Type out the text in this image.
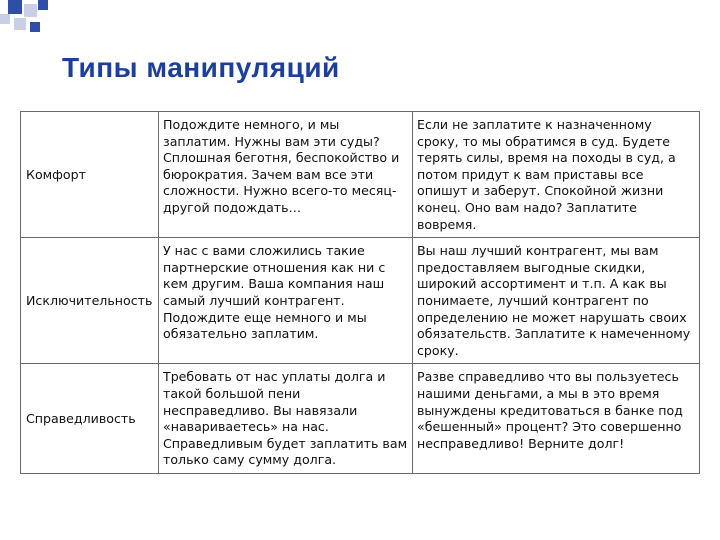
Типы манипуляций
Комфорт	Подождите немного, и мы заплатим. Нужны вам эти суды? Сплошная беготня, беспокойство и бюрократия. Зачем вам все эти сложности. Нужно всего-то месяц-другой подождать…	Если не заплатите к назначенному сроку, то мы обратимся в суд. Будете терять силы, время на походы в суд, а потом придут к вам приставы все опишут и заберут. Спокойной жизни конец. Оно вам надо? Заплатите вовремя.
Исключительность	У нас с вами сложились такие партнерские отношения как ни с кем другим. Ваша компания наш самый лучший контрагент. Подождите еще немного и мы обязательно заплатим.	Вы наш лучший контрагент, мы вам предоставляем выгодные скидки, широкий ассортимент и т.п. А как вы понимаете, лучший контрагент по определению не может нарушать своих обязательств. Заплатите к намеченному сроку.
Справедливость	Требовать от нас уплаты долга и такой большой пени несправедливо. Вы навязали «навариваетесь» на нас. Справедливым будет заплатить вам только саму сумму долга.	Разве справедливо что вы пользуетесь нашими деньгами, а мы в это время вынуждены кредитоваться в банке под «бешенный» процент? Это совершенно несправедливо! Верните долг!
